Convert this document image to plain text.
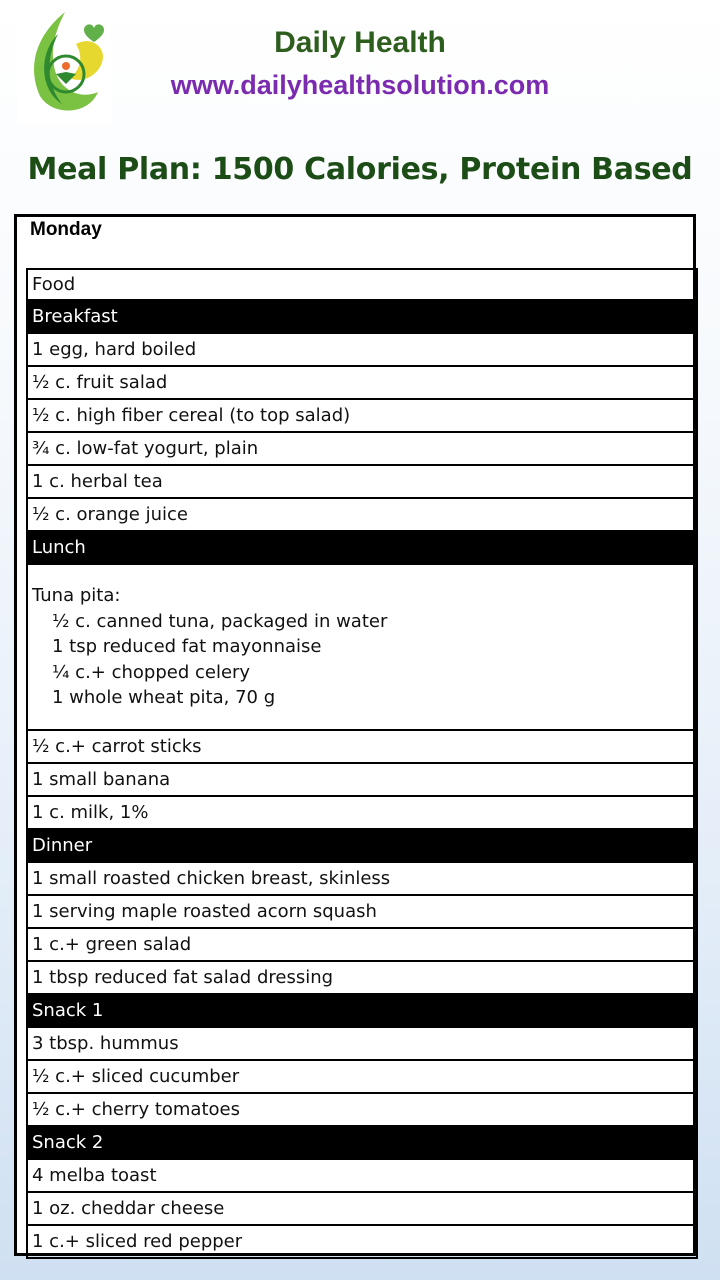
Daily Health
www.dailyhealthsolution.com
Meal Plan: 1500 Calories, Protein Based
Monday
Food
Breakfast
1 egg, hard boiled
½ c. fruit salad
½ c. high fiber cereal (to top salad)
¾ c. low-fat yogurt, plain
1 c. herbal tea
½ c. orange juice
Lunch
Tuna pita:
½ c. canned tuna, packaged in water
1 tsp reduced fat mayonnaise
¼ c.+ chopped celery
1 whole wheat pita, 70 g
½ c.+ carrot sticks
1 small banana
1 c. milk, 1%
Dinner
1 small roasted chicken breast, skinless
1 serving maple roasted acorn squash
1 c.+ green salad
1 tbsp reduced fat salad dressing
Snack 1
3 tbsp. hummus
½ c.+ sliced cucumber
½ c.+ cherry tomatoes
Snack 2
4 melba toast
1 oz. cheddar cheese
1 c.+ sliced red pepper
